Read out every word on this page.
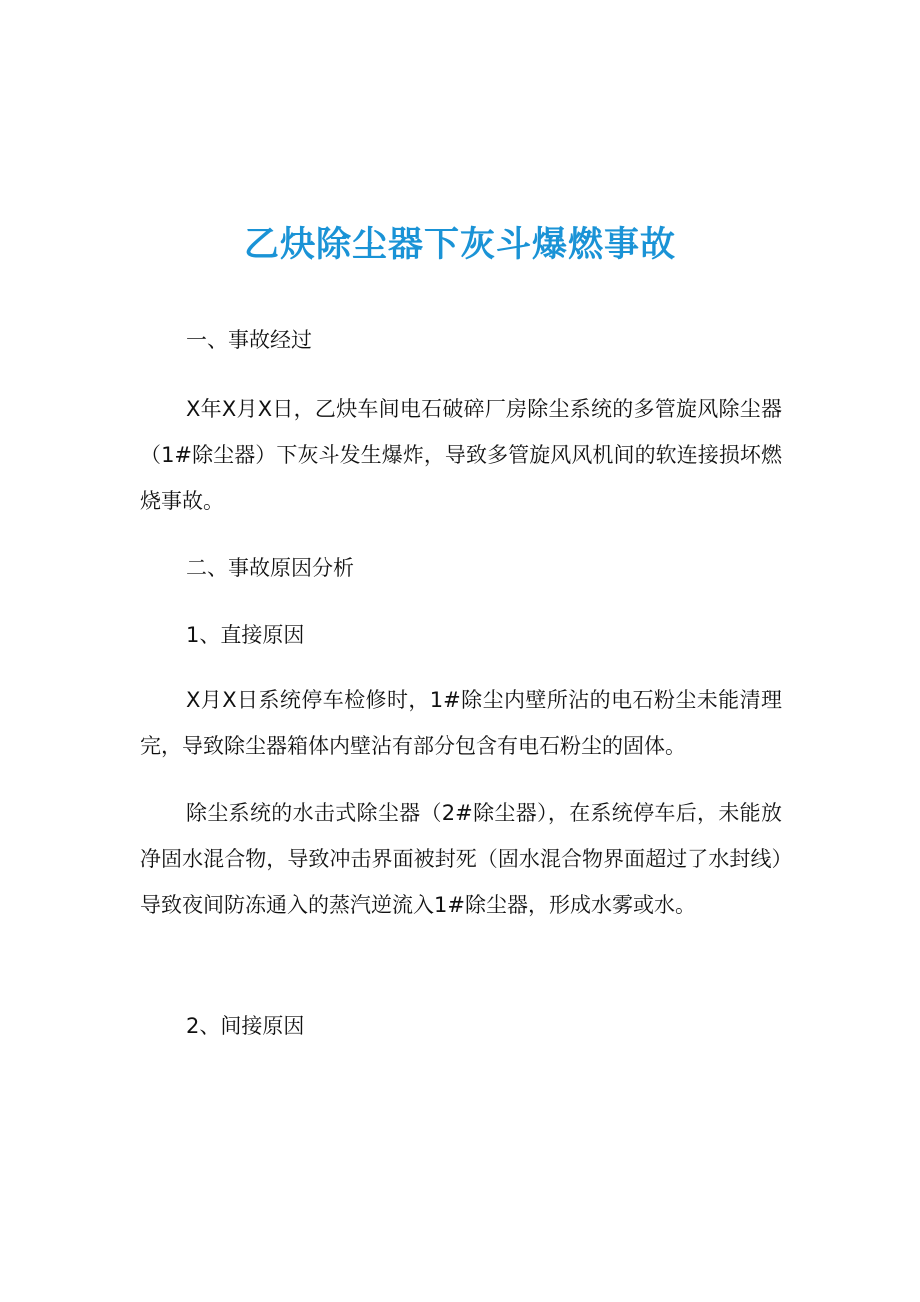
乙炔除尘器下灰斗爆燃事故

一、事故经过

X年X月X日，乙炔车间电石破碎厂房除尘系统的多管旋风除尘器（1#除尘器）下灰斗发生爆炸，导致多管旋风风机间的软连接损坏燃烧事故。

二、事故原因分析

1、直接原因

X月X日系统停车检修时，1#除尘内壁所沾的电石粉尘未能清理完，导致除尘器箱体内壁沾有部分包含有电石粉尘的固体。

除尘系统的水击式除尘器（2#除尘器），在系统停车后，未能放净固水混合物，导致冲击界面被封死（固水混合物界面超过了水封线）导致夜间防冻通入的蒸汽逆流入1#除尘器，形成水雾或水。

2、间接原因
